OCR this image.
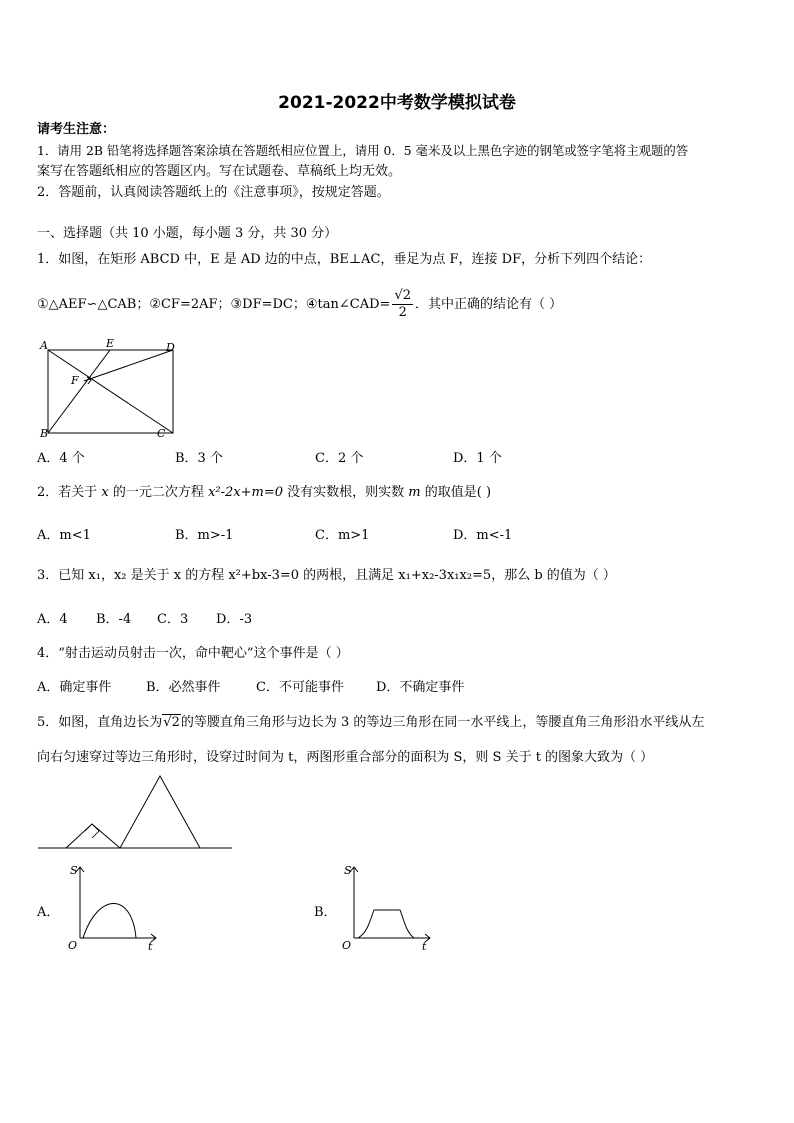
2021-2022中考数学模拟试卷
请考生注意：
1．请用 2B 铅笔将选择题答案涂填在答题纸相应位置上，请用 0．5 毫米及以上黑色字迹的钢笔或签字笔将主观题的答
案写在答题纸相应的答题区内。写在试题卷、草稿纸上均无效。
2．答题前，认真阅读答题纸上的《注意事项》，按规定答题。
一、选择题（共 10 小题，每小题 3 分，共 30 分）
1．如图，在矩形 ABCD 中，E 是 AD 边的中点，BE⊥AC，垂足为点 F，连接 DF，分析下列四个结论：
①△AEF∽△CAB；②CF=2AF；③DF=DC；④tan∠CAD= $\frac{√2}{2}$ ．其中正确的结论有（ ）
A	E	D
F
B	C
A．4 个	B．3 个	C．2 个	D．1 个
2．若关于 x 的一元二次方程 x²-2x+m=0 没有实数根，则实数 m 的取值是( )
A．m<1	B．m>-1	C．m>1	D．m<-1
3．已知 x₁，x₂ 是关于 x 的方程 x²+bx-3=0 的两根，且满足 x₁+x₂-3x₁x₂=5，那么 b 的值为（ ）
A．4 B．-4 C．3 D．-3
4．“射击运动员射击一次，命中靶心”这个事件是（ ）
A．确定事件	B．必然事件	C．不可能事件 D．不确定事件
5．如图，直角边长为√2的等腰直角三角形与边长为 3 的等边三角形在同一水平线上，等腰直角三角形沿水平线从左
向右匀速穿过等边三角形时，设穿过时间为 t，两图形重合部分的面积为 S，则 S 关于 t 的图象大致为（ ）
A．
S
t
O
B．
S
t
O
